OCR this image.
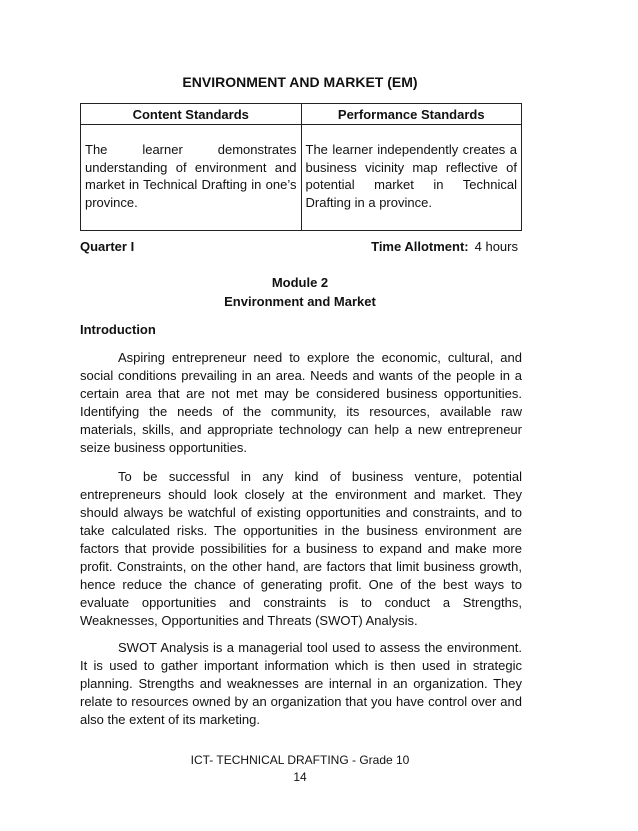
ENVIRONMENT AND MARKET (EM)
Content Standards	Performance Standards
The learner demonstrates understanding of environment and market in Technical Drafting in one’s province.	The learner independently creates a business vicinity map reflective of potential market in Technical Drafting in a province.
Quarter I	Time Allotment: 4 hours
Module 2
Environment and Market
Introduction

Aspiring entrepreneur need to explore the economic, cultural, and social conditions prevailing in an area. Needs and wants of the people in a certain area that are not met may be considered business opportunities. Identifying the needs of the community, its resources, available raw materials, skills, and appropriate technology can help a new entrepreneur seize business opportunities.

To be successful in any kind of business venture, potential entrepreneurs should look closely at the environment and market. They should always be watchful of existing opportunities and constraints, and to take calculated risks. The opportunities in the business environment are factors that provide possibilities for a business to expand and make more profit. Constraints, on the other hand, are factors that limit business growth, hence reduce the chance of generating profit. One of the best ways to evaluate opportunities and constraints is to conduct a Strengths, Weaknesses, Opportunities and Threats (SWOT) Analysis.

SWOT Analysis is a managerial tool used to assess the environment. It is used to gather important information which is then used in strategic planning. Strengths and weaknesses are internal in an organization. They relate to resources owned by an organization that you have control over and also the extent of its marketing.

ICT- TECHNICAL DRAFTING - Grade 10
14
